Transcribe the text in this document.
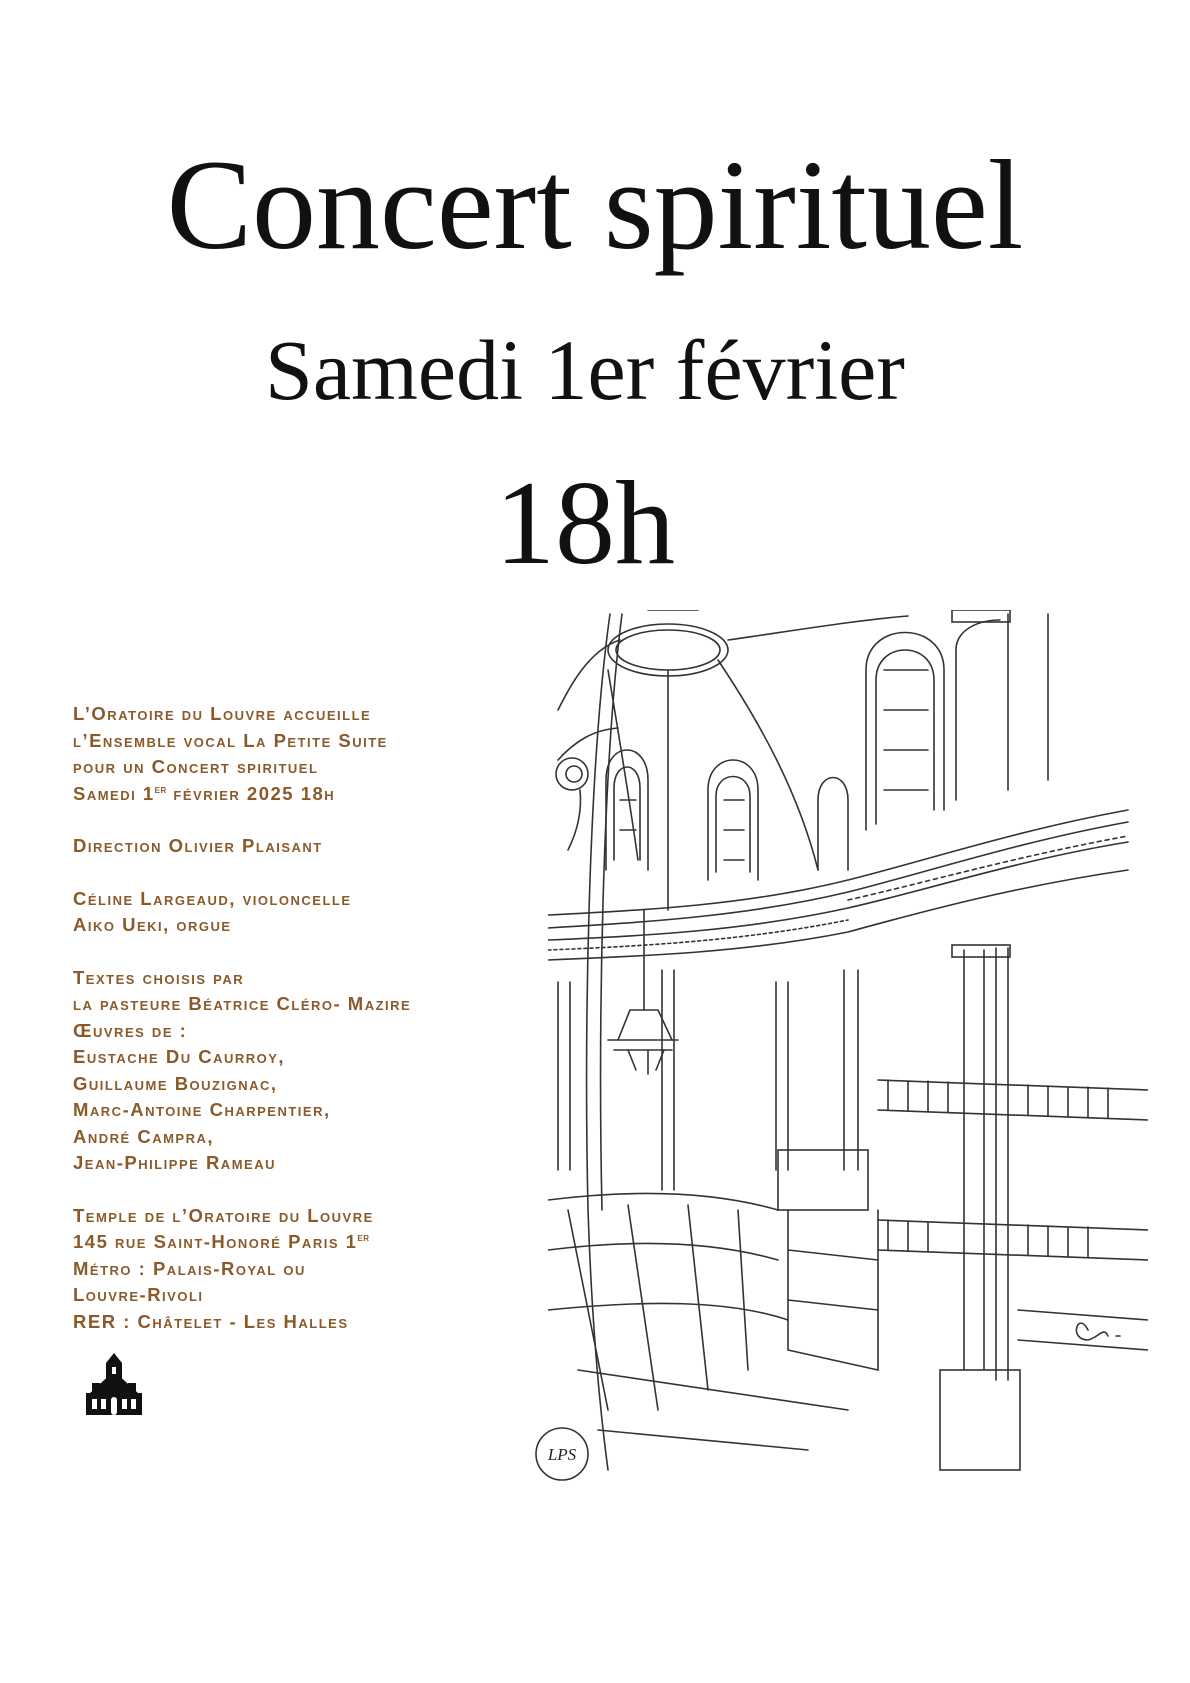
Concert spirituel
Samedi 1er février
18h
L’Oratoire du Louvre accueille
l’Ensemble vocal La Petite Suite
pour un Concert spirituel
Samedi 1er février 2025 18h
Direction Olivier Plaisant
Céline Largeaud, violoncelle
Aiko Ueki, orgue
Textes choisis par
la pasteure Béatrice Cléro- Mazire
Œuvres de :
Eustache Du Caurroy,
Guillaume Bouzignac,
Marc-Antoine Charpentier,
André Campra,
Jean-Philippe Rameau
Temple de l’Oratoire du Louvre
145 rue Saint-Honoré Paris 1er
Métro : Palais-Royal ou
Louvre-Rivoli
RER : Châtelet - Les Halles
LPS
